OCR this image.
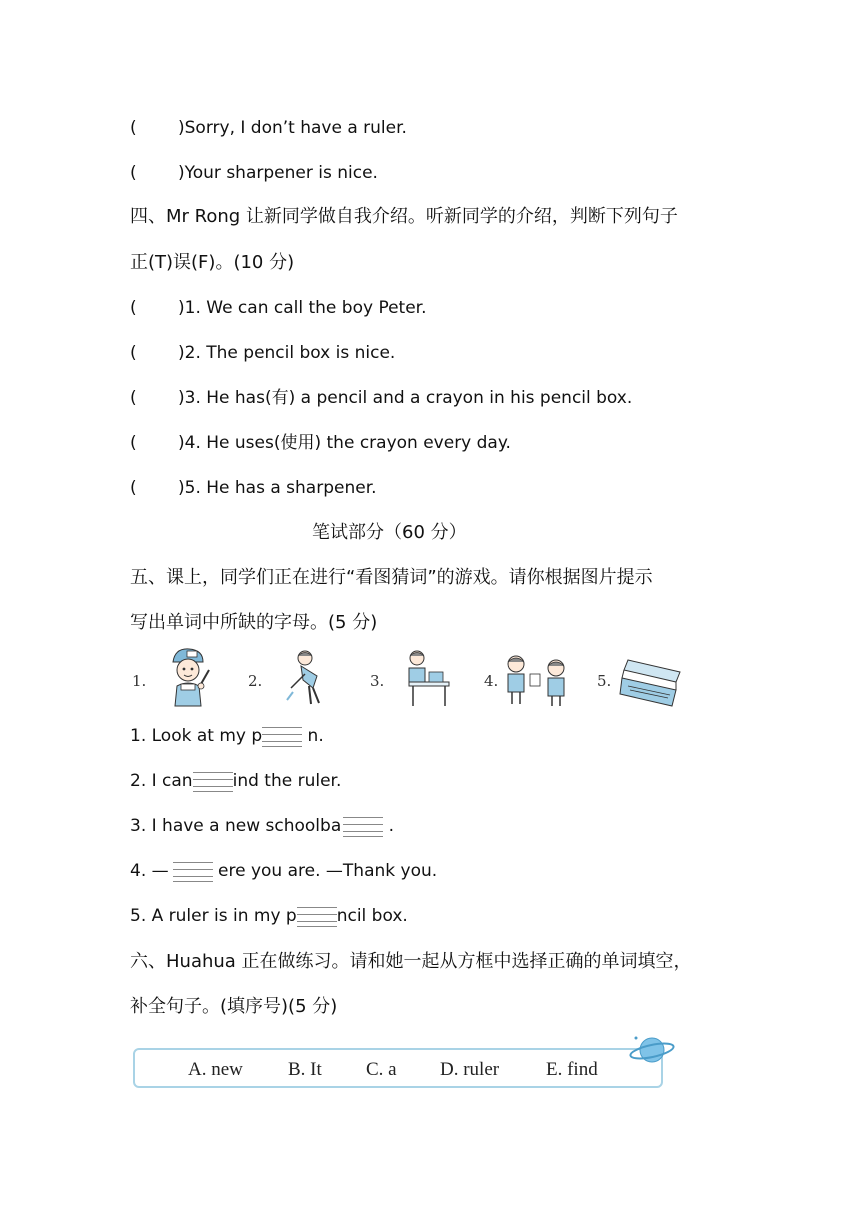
( )Sorry, I don’t have a ruler.
( )Your sharpener is nice.
四、Mr Rong 让新同学做自我介绍。听新同学的介绍，判断下列句子
正(T)误(F)。(10 分)
( )1. We can call the boy Peter.
( )2. The pencil box is nice.
( )3. He has(有) a pencil and a crayon in his pencil box.
( )4. He uses(使用) the crayon every day.
( )5. He has a sharpener.
笔试部分（60 分）
五、课上，同学们正在进行“看图猜词”的游戏。请你根据图片提示
写出单词中所缺的字母。(5 分)
1.	2.	3.	4.	5.
1. Look at my p n.
2. I can ind the ruler.
3. I have a new schoolba .
4. —	ere you are. —Thank you.
5. A ruler is in my p ncil box.
六、Huahua 正在做练习。请和她一起从方框中选择正确的单词填空，
补全句子。(填序号)(5 分)
A. new B. It C. a D. ruler E. find
